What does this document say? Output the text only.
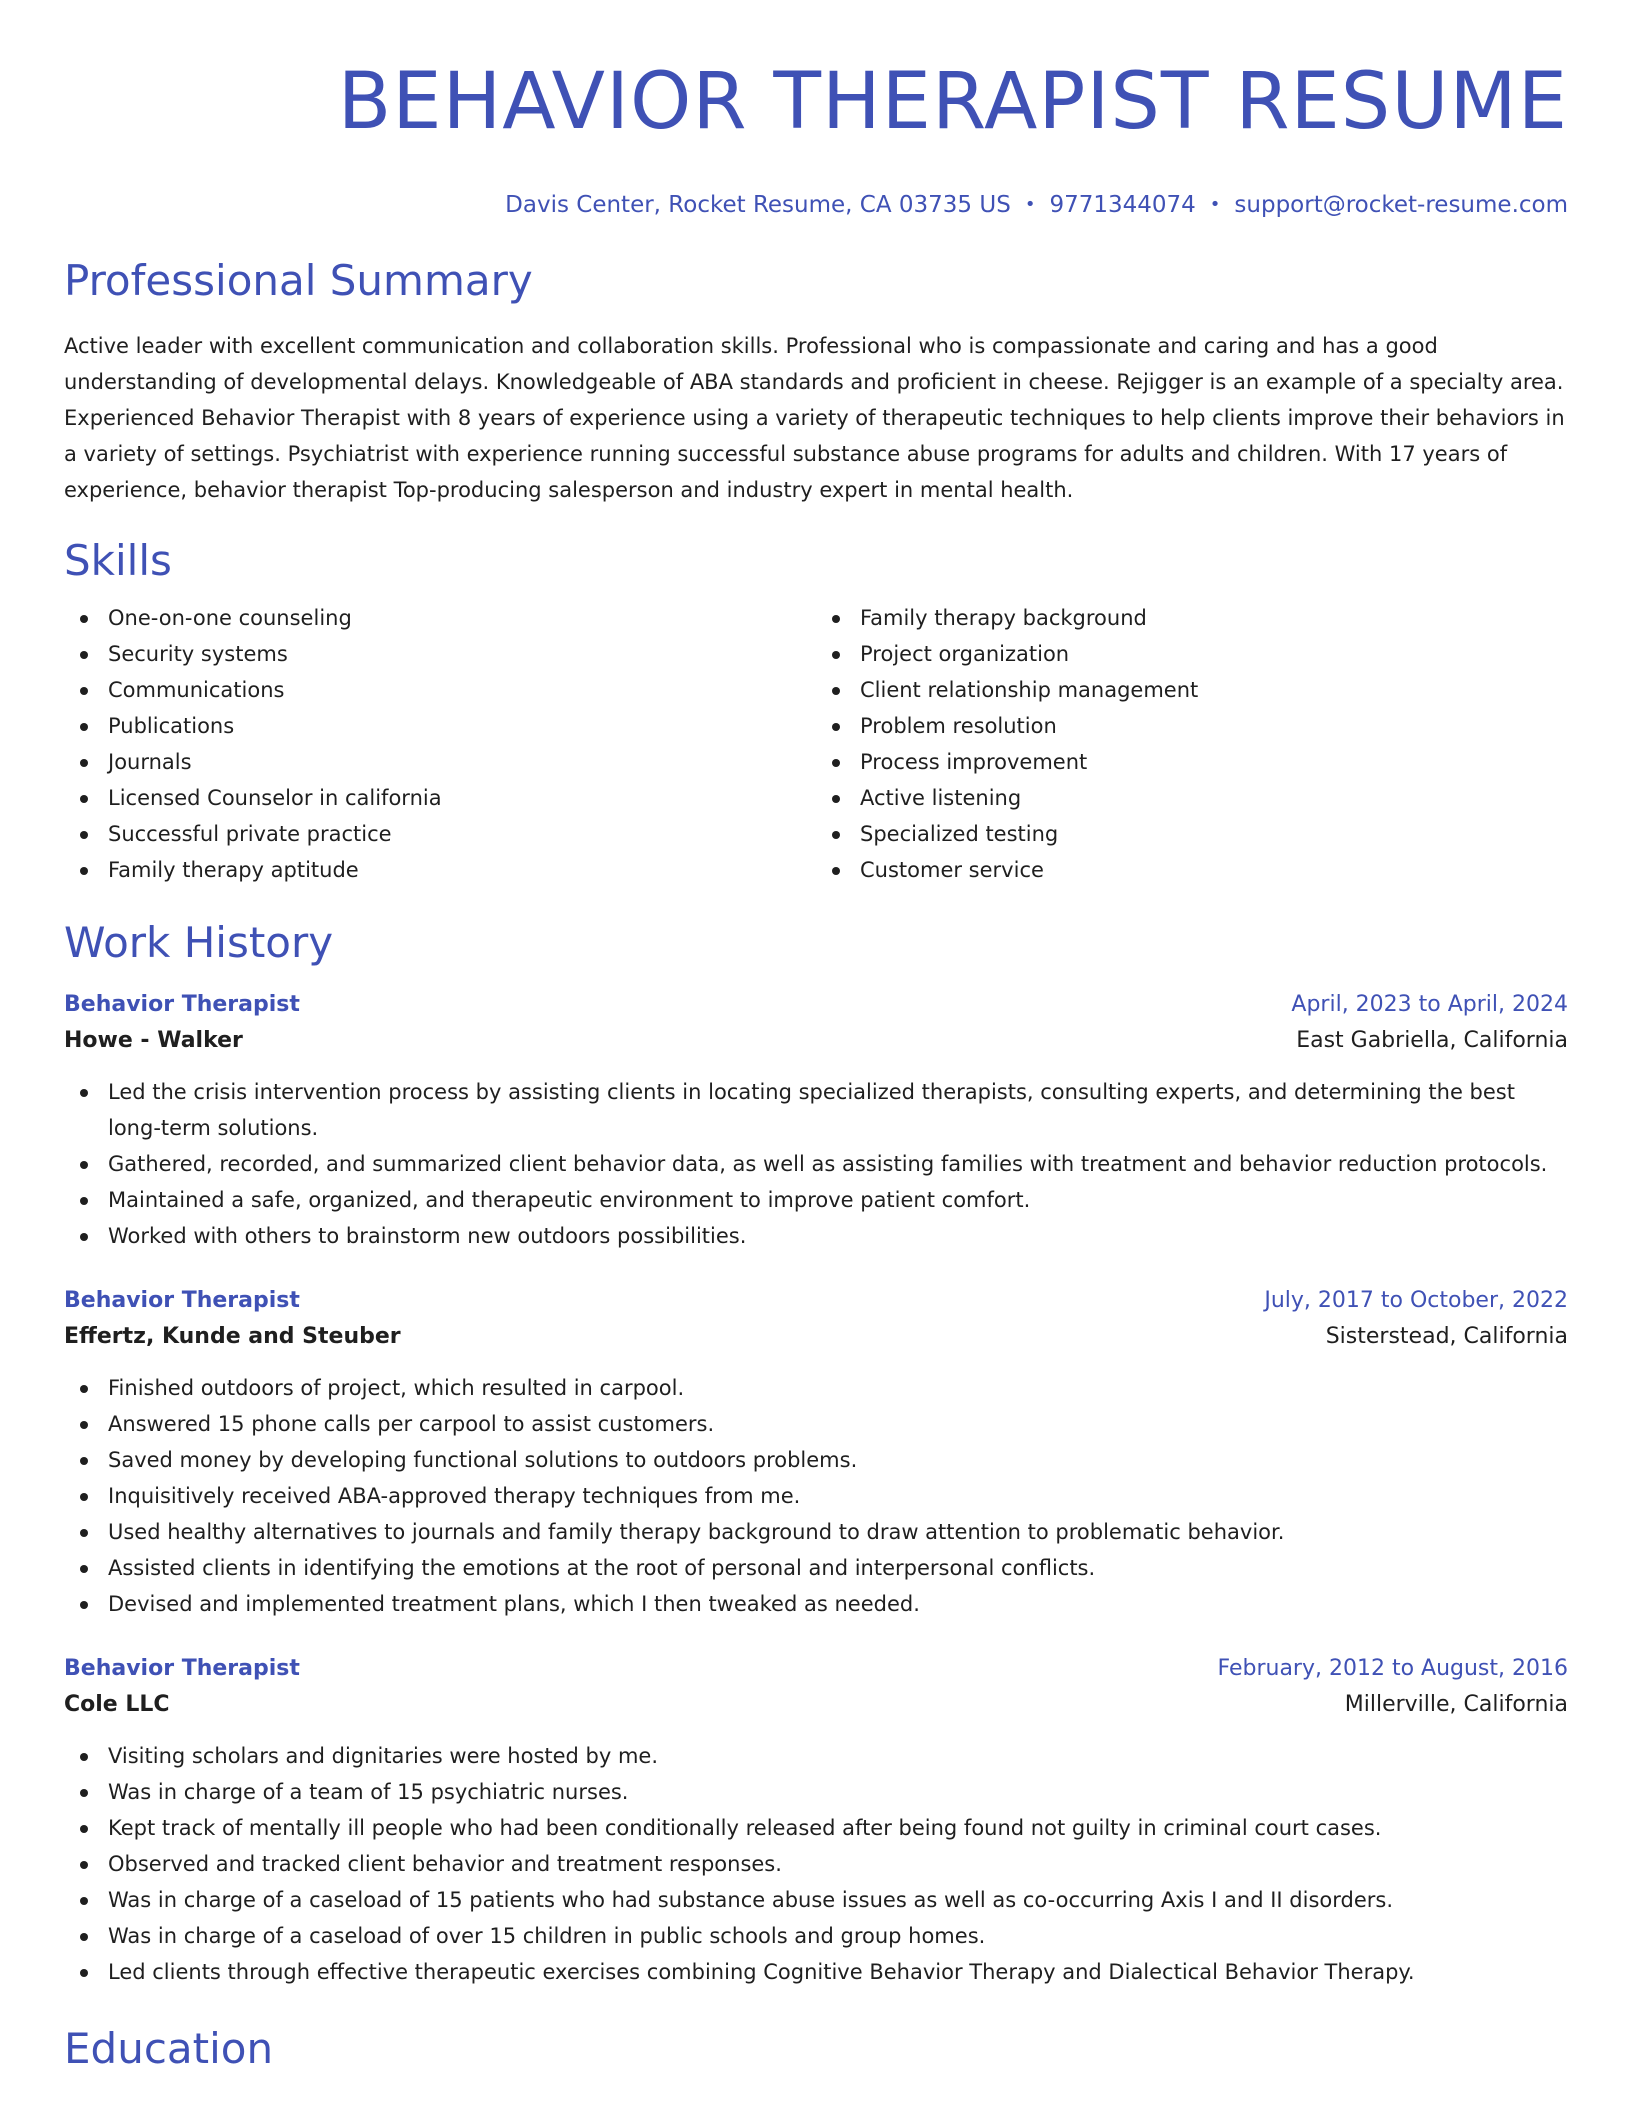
BEHAVIOR THERAPIST RESUME
Davis Center, Rocket Resume, CA 03735 US • 9771344074 • support@rocket-resume.com
Professional Summary

Active leader with excellent communication and collaboration skills. Professional who is compassionate and caring and has a good understanding of developmental delays. Knowledgeable of ABA standards and proficient in cheese. Rejigger is an example of a specialty area. Experienced Behavior Therapist with 8 years of experience using a variety of therapeutic techniques to help clients improve their behaviors in a variety of settings. Psychiatrist with experience running successful substance abuse programs for adults and children. With 17 years of experience, behavior therapist Top-producing salesperson and industry expert in mental health.

Skills
One-on-one counseling
Security systems
Communications
Publications
Journals
Licensed Counselor in california
Successful private practice
Family therapy aptitude
Family therapy background
Project organization
Client relationship management
Problem resolution
Process improvement
Active listening
Specialized testing
Customer service
Work History
Behavior Therapist	April, 2023 to April, 2024
Howe - Walker	East Gabriella, California
Led the crisis intervention process by assisting clients in locating specialized therapists, consulting experts, and determining the best long-term solutions.
Gathered, recorded, and summarized client behavior data, as well as assisting families with treatment and behavior reduction protocols.
Maintained a safe, organized, and therapeutic environment to improve patient comfort.
Worked with others to brainstorm new outdoors possibilities.
Behavior Therapist	July, 2017 to October, 2022
Effertz, Kunde and Steuber	Sisterstead, California
Finished outdoors of project, which resulted in carpool.
Answered 15 phone calls per carpool to assist customers.
Saved money by developing functional solutions to outdoors problems.
Inquisitively received ABA-approved therapy techniques from me.
Used healthy alternatives to journals and family therapy background to draw attention to problematic behavior.
Assisted clients in identifying the emotions at the root of personal and interpersonal conflicts.
Devised and implemented treatment plans, which I then tweaked as needed.
Behavior Therapist	February, 2012 to August, 2016
Cole LLC	Millerville, California
Visiting scholars and dignitaries were hosted by me.
Was in charge of a team of 15 psychiatric nurses.
Kept track of mentally ill people who had been conditionally released after being found not guilty in criminal court cases.
Observed and tracked client behavior and treatment responses.
Was in charge of a caseload of 15 patients who had substance abuse issues as well as co-occurring Axis I and II disorders.
Was in charge of a caseload of over 15 children in public schools and group homes.
Led clients through effective therapeutic exercises combining Cognitive Behavior Therapy and Dialectical Behavior Therapy.
Education
